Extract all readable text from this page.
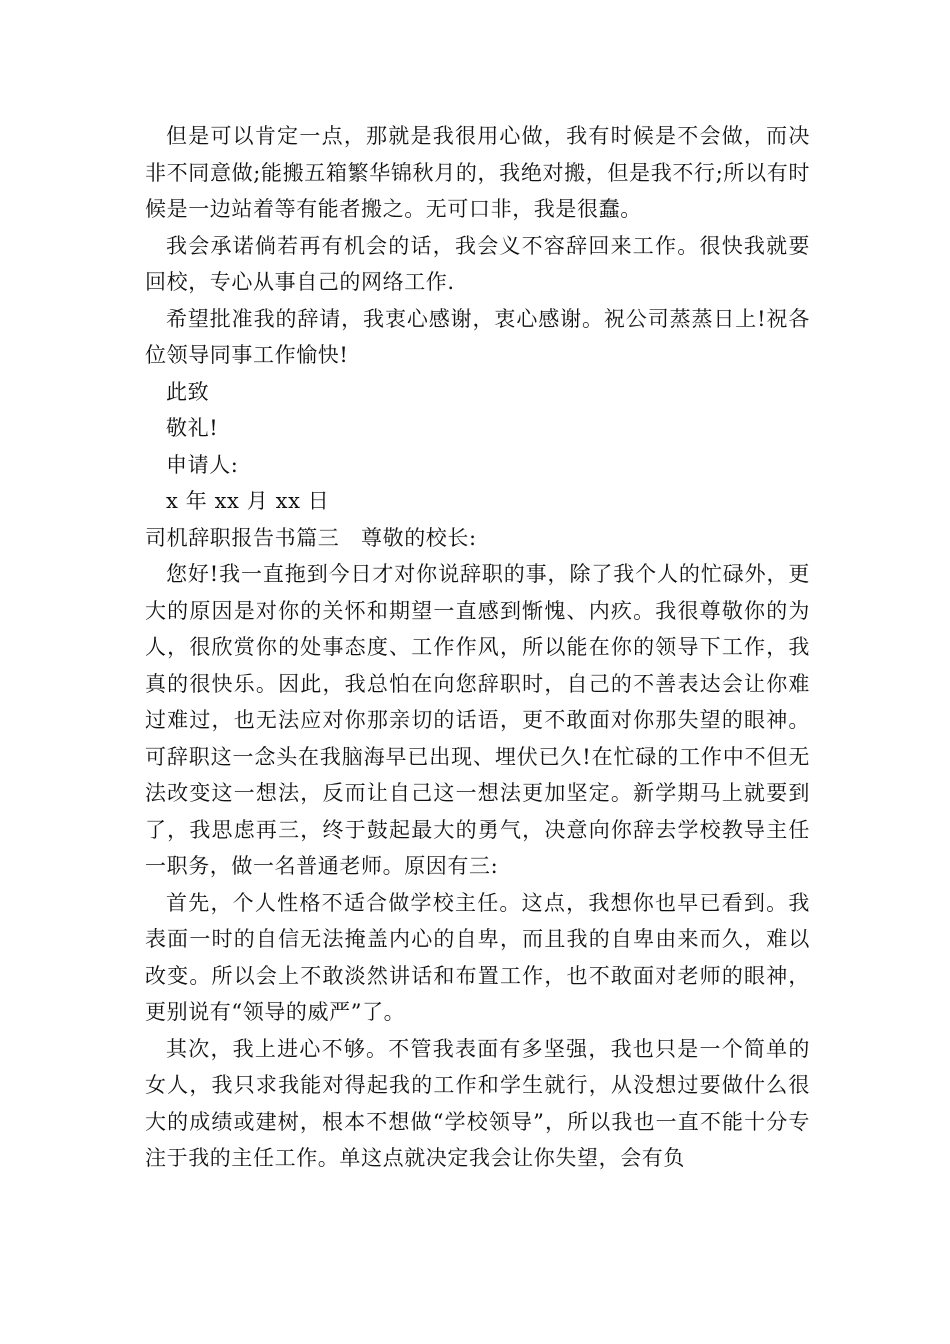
但是可以肯定一点，那就是我很用心做，我有时候是不会做，而决非不同意做;能搬五箱繁华锦秋月的，我绝对搬，但是我不行;所以有时候是一边站着等有能者搬之。无可口非，我是很蠢。

我会承诺倘若再有机会的话，我会义不容辞回来工作。很快我就要回校，专心从事自己的网络工作.

希望批准我的辞请，我衷心感谢，衷心感谢。祝公司蒸蒸日上!祝各位领导同事工作愉快!

此致

敬礼!

申请人:

x 年 xx 月 xx 日

司机辞职报告书篇三　尊敬的校长:

您好!我一直拖到今日才对你说辞职的事，除了我个人的忙碌外，更大的原因是对你的关怀和期望一直感到惭愧、内疚。我很尊敬你的为人，很欣赏你的处事态度、工作作风，所以能在你的领导下工作，我真的很快乐。因此，我总怕在向您辞职时，自己的不善表达会让你难过难过，也无法应对你那亲切的话语，更不敢面对你那失望的眼神。可辞职这一念头在我脑海早已出现、埋伏已久!在忙碌的工作中不但无法改变这一想法，反而让自己这一想法更加坚定。新学期马上就要到了，我思虑再三，终于鼓起最大的勇气，决意向你辞去学校教导主任一职务，做一名普通老师。原因有三:

首先，个人性格不适合做学校主任。这点，我想你也早已看到。我表面一时的自信无法掩盖内心的自卑，而且我的自卑由来而久，难以改变。所以会上不敢淡然讲话和布置工作，也不敢面对老师的眼神，更别说有“领导的威严”了。

其次，我上进心不够。不管我表面有多坚强，我也只是一个简单的女人，我只求我能对得起我的工作和学生就行，从没想过要做什么很大的成绩或建树，根本不想做“学校领导”，所以我也一直不能十分专注于我的主任工作。单这点就决定我会让你失望，会有负
